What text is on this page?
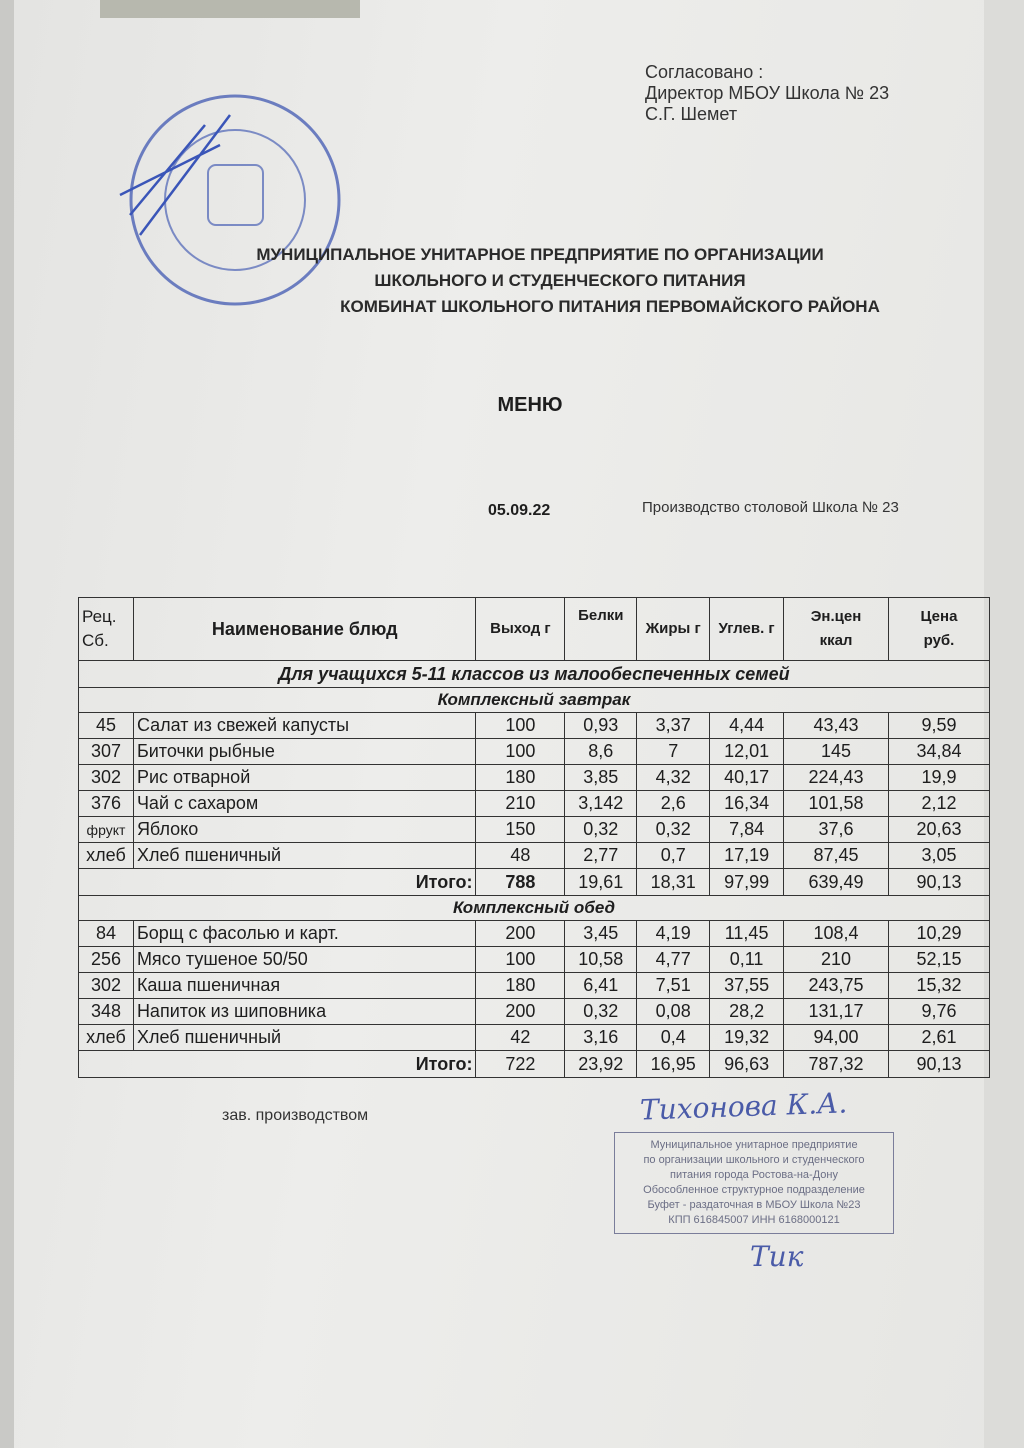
Согласовано :
Директор МБОУ Школа № 23
С.Г. Шемет
МУНИЦИПАЛЬНОЕ УНИТАРНОЕ ПРЕДПРИЯТИЕ ПО ОРГАНИЗАЦИИ
ШКОЛЬНОГО И СТУДЕНЧЕСКОГО ПИТАНИЯ
КОМБИНАТ ШКОЛЬНОГО ПИТАНИЯ ПЕРВОМАЙСКОГО РАЙОНА
МЕНЮ
05.09.22	Производство столовой Школа № 23
Рец. Сб.	Наименование блюд	Выход г	Белки	Жиры г	Углев. г	Эн.цен ккал	Цена руб.
Для учащихся 5-11 классов из малообеспеченных семей							
Комплексный завтрак							
45	Салат из свежей капусты	100	0,93	3,37	4,44	43,43	9,59
307	Биточки рыбные	100	8,6	7	12,01	145	34,84
302	Рис отварной	180	3,85	4,32	40,17	224,43	19,9
376	Чай с сахаром	210	3,142	2,6	16,34	101,58	2,12
фрукт	Яблоко	150	0,32	0,32	7,84	37,6	20,63
хлеб	Хлеб пшеничный	48	2,77	0,7	17,19	87,45	3,05
Итого:		788	19,61	18,31	97,99	639,49	90,13
Комплексный обед							
84	Борщ с фасолью и карт.	200	3,45	4,19	11,45	108,4	10,29
256	Мясо тушеное 50/50	100	10,58	4,77	0,11	210	52,15
302	Каша пшеничная	180	6,41	7,51	37,55	243,75	15,32
348	Напиток из шиповника	200	0,32	0,08	28,2	131,17	9,76
хлеб	Хлеб пшеничный	42	3,16	0,4	19,32	94,00	2,61
Итого:		722	23,92	16,95	96,63	787,32	90,13
зав. производством	Тихонова К.А.
Муниципальное унитарное предприятие
по организации школьного и студенческого
питания города Ростова-на-Дону
Обособленное структурное подразделение
Буфет - раздаточная в МБОУ Школа №23
КПП 616845007 ИНН 6168000121
Тик
